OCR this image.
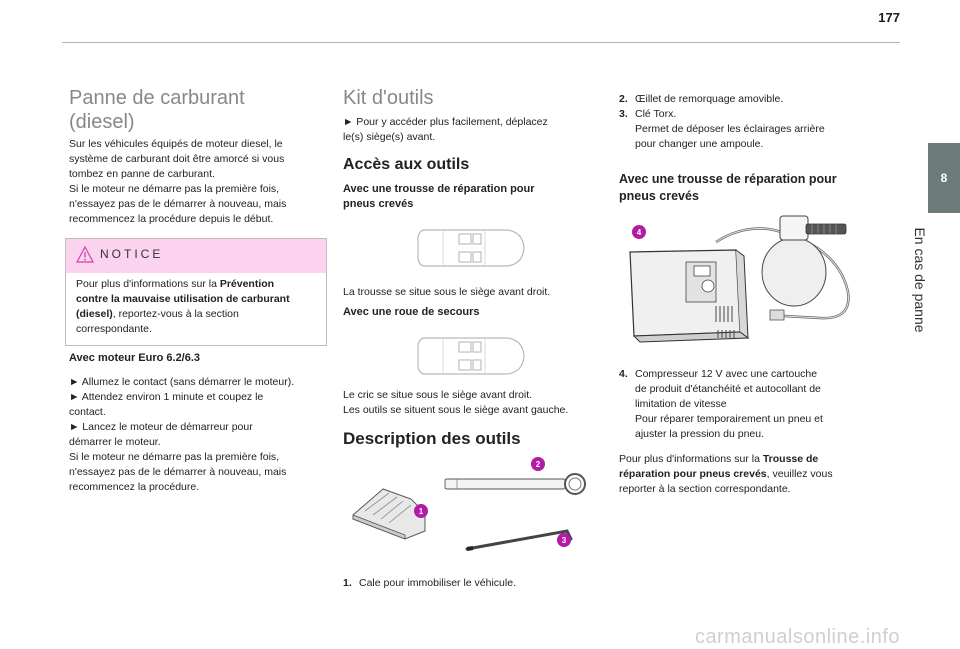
177
8
En cas de panne

Panne de carburant

(diesel)

Sur les véhicules équipés de moteur diesel, le

système de carburant doit être amorcé si vous

tombez en panne de carburant.

Si le moteur ne démarre pas la première fois,

n'essayez pas de le démarrer à nouveau, mais

recommencez la procédure depuis le début.

NOTICE

Pour plus d'informations sur la Prévention

contre la mauvaise utilisation de carburant

(diesel), reportez-vous à la section

correspondante.

Avec moteur Euro 6.2/6.3

► Allumez le contact (sans démarrer le moteur).

► Attendez environ 1 minute et coupez le

contact.

► Lancez le moteur de démarreur pour

démarrer le moteur.

Si le moteur ne démarre pas la première fois,

n'essayez pas de le démarrer à nouveau, mais

recommencez la procédure.

Kit d'outils

► Pour y accéder plus facilement, déplacez

le(s) siège(s) avant.

Accès aux outils

Avec une trousse de réparation pour

pneus crevés

La trousse se situe sous le siège avant droit.

Avec une roue de secours

Le cric se situe sous le siège avant droit.

Les outils se situent sous le siège avant gauche.

Description des outils

1
2
3
1. Cale pour immobiliser le véhicule.
2. Œillet de remorquage amovible.
3. Clé Torx.
Permet de déposer les éclairages arrière
pour changer une ampoule.

Avec une trousse de réparation pour

pneus crevés

4
4. Compresseur 12 V avec une cartouche
de produit d'étanchéité et autocollant de
limitation de vitesse
Pour réparer temporairement un pneu et
ajuster la pression du pneu.

Pour plus d'informations sur la Trousse de

réparation pour pneus crevés, veuillez vous

reporter à la section correspondante.

carmanualsonline.info
